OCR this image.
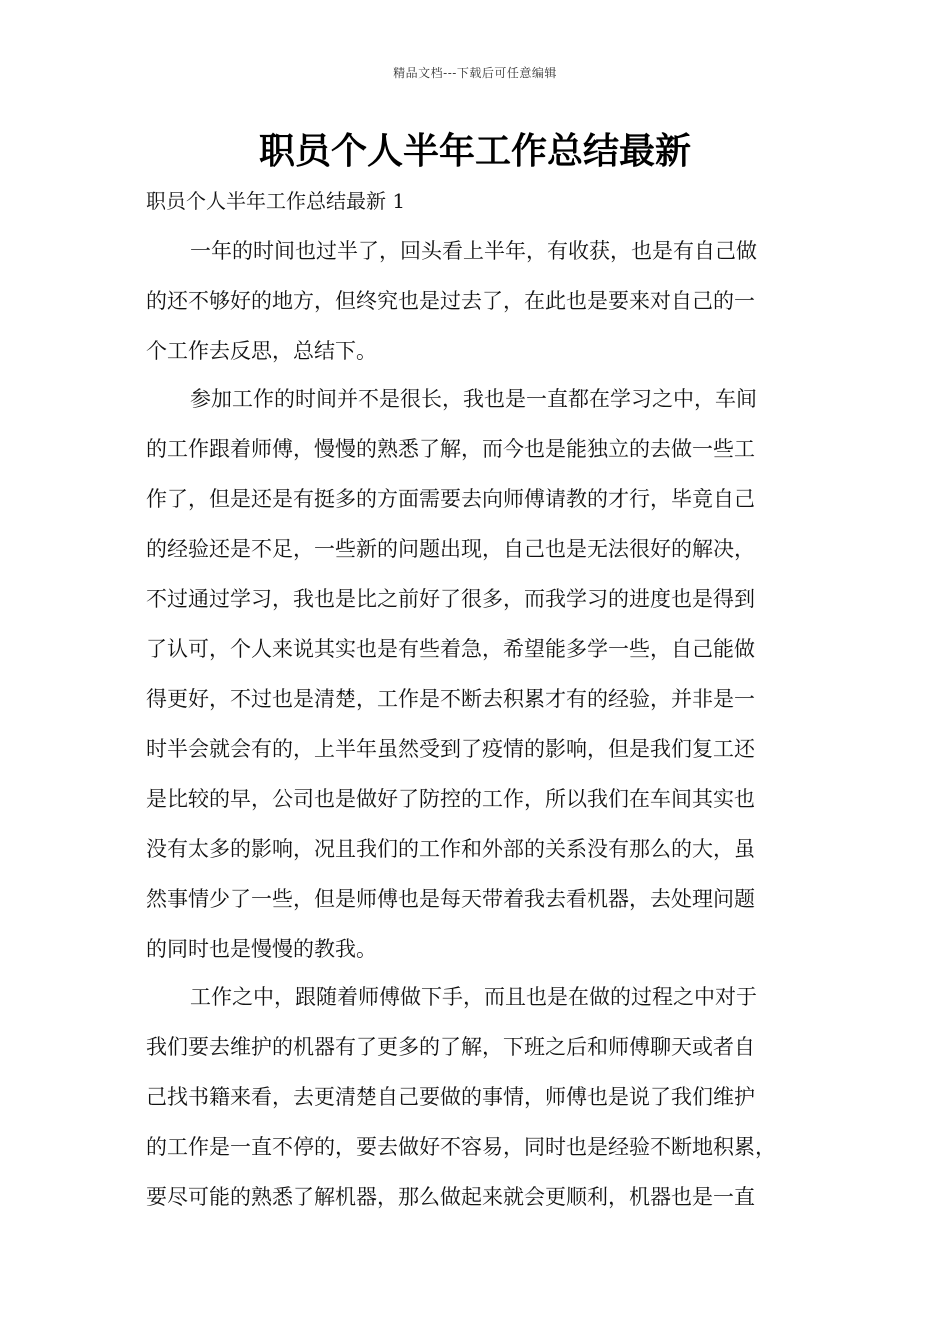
精品文档---下载后可任意编辑
职员个人半年工作总结最新
职员个人半年工作总结最新 1
一年的时间也过半了，回头看上半年，有收获，也是有自己做
的还不够好的地方，但终究也是过去了，在此也是要来对自己的一
个工作去反思，总结下。
参加工作的时间并不是很长，我也是一直都在学习之中，车间
的工作跟着师傅，慢慢的熟悉了解，而今也是能独立的去做一些工
作了，但是还是有挺多的方面需要去向师傅请教的才行，毕竟自己
的经验还是不足，一些新的问题出现，自己也是无法很好的解决，
不过通过学习，我也是比之前好了很多，而我学习的进度也是得到
了认可，个人来说其实也是有些着急，希望能多学一些，自己能做
得更好，不过也是清楚，工作是不断去积累才有的经验，并非是一
时半会就会有的，上半年虽然受到了疫情的影响，但是我们复工还
是比较的早，公司也是做好了防控的工作，所以我们在车间其实也
没有太多的影响，况且我们的工作和外部的关系没有那么的大，虽
然事情少了一些，但是师傅也是每天带着我去看机器，去处理问题
的同时也是慢慢的教我。
工作之中，跟随着师傅做下手，而且也是在做的过程之中对于
我们要去维护的机器有了更多的了解，下班之后和师傅聊天或者自
己找书籍来看，去更清楚自己要做的事情，师傅也是说了我们维护
的工作是一直不停的，要去做好不容易，同时也是经验不断地积累，
要尽可能的熟悉了解机器，那么做起来就会更顺利，机器也是一直
